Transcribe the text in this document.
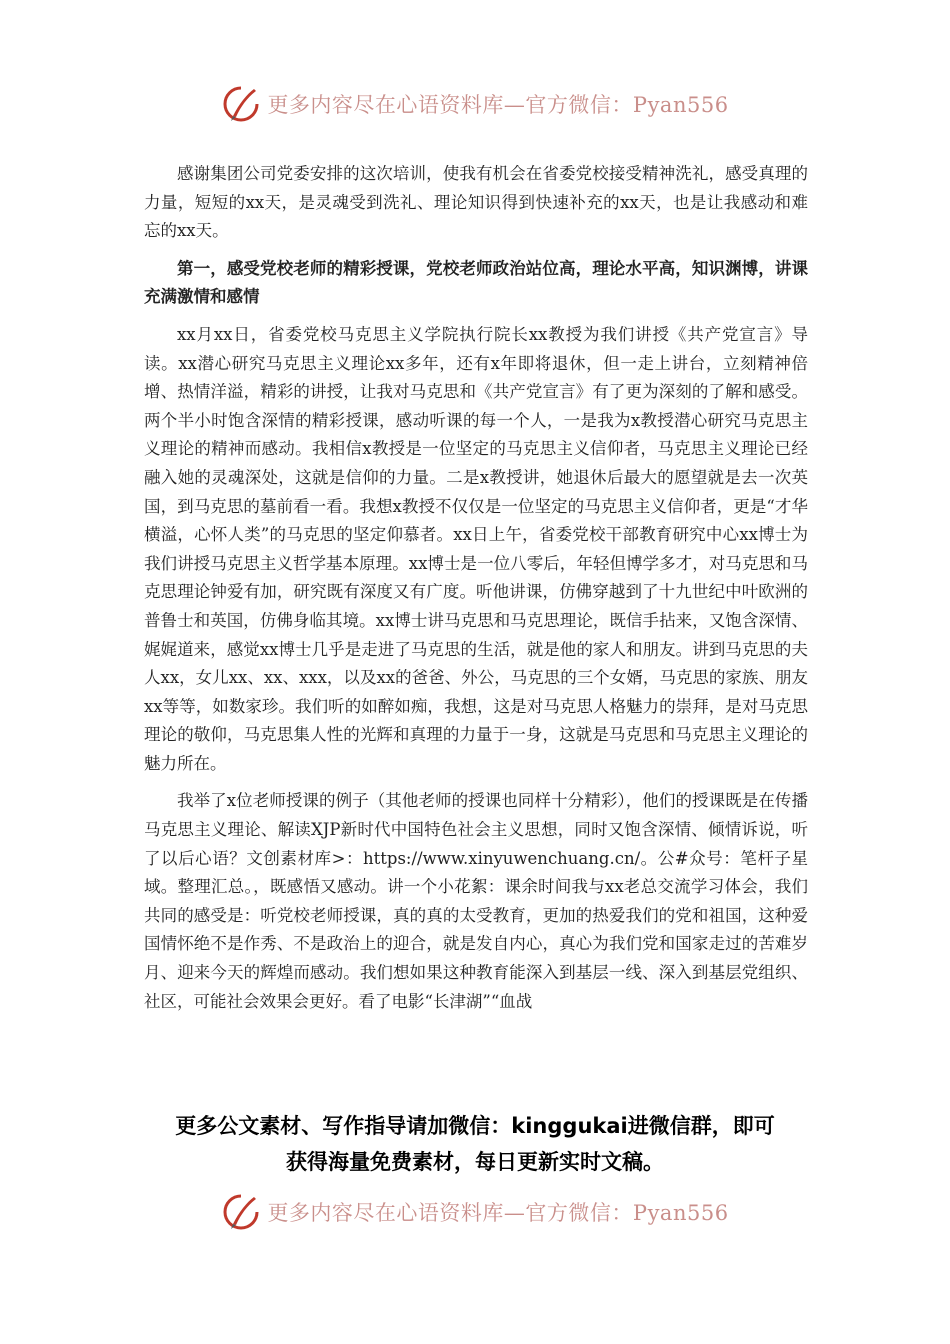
更多内容尽在心语资料库—官方微信：Pyan556

感谢集团公司党委安排的这次培训，使我有机会在省委党校接受精神洗礼，感受真理的力量，短短的xx天，是灵魂受到洗礼、理论知识得到快速补充的xx天，也是让我感动和难忘的xx天。

第一，感受党校老师的精彩授课，党校老师政治站位高，理论水平高，知识渊博，讲课充满激情和感情

xx月xx日，省委党校马克思主义学院执行院长xx教授为我们讲授《共产党宣言》导读。xx潜心研究马克思主义理论xx多年，还有x年即将退休，但一走上讲台，立刻精神倍增、热情洋溢，精彩的讲授，让我对马克思和《共产党宣言》有了更为深刻的了解和感受。两个半小时饱含深情的精彩授课，感动听课的每一个人，一是我为x教授潜心研究马克思主义理论的精神而感动。我相信x教授是一位坚定的马克思主义信仰者，马克思主义理论已经融入她的灵魂深处，这就是信仰的力量。二是x教授讲，她退休后最大的愿望就是去一次英国，到马克思的墓前看一看。我想x教授不仅仅是一位坚定的马克思主义信仰者，更是“才华横溢，心怀人类”的马克思的坚定仰慕者。xx日上午，省委党校干部教育研究中心xx博士为我们讲授马克思主义哲学基本原理。xx博士是一位八零后，年轻但博学多才，对马克思和马克思理论钟爱有加，研究既有深度又有广度。听他讲课，仿佛穿越到了十九世纪中叶欧洲的普鲁士和英国，仿佛身临其境。xx博士讲马克思和马克思理论，既信手拈来，又饱含深情、娓娓道来，感觉xx博士几乎是走进了马克思的生活，就是他的家人和朋友。讲到马克思的夫人xx，女儿xx、xx、xxx，以及xx的爸爸、外公，马克思的三个女婿，马克思的家族、朋友xx等等，如数家珍。我们听的如醉如痴，我想，这是对马克思人格魅力的崇拜，是对马克思理论的敬仰，马克思集人性的光辉和真理的力量于一身，这就是马克思和马克思主义理论的魅力所在。

我举了x位老师授课的例子（其他老师的授课也同样十分精彩），他们的授课既是在传播马克思主义理论、解读XJP新时代中国特色社会主义思想，同时又饱含深情、倾情诉说，听了以后心语？文创素材库>：https://www.xinyuwenchuang.cn/。公#众号：笔杆子星域。整理汇总。，既感悟又感动。讲一个小花絮：课余时间我与xx老总交流学习体会，我们共同的感受是：听党校老师授课，真的真的太受教育，更加的热爱我们的党和祖国，这种爱国情怀绝不是作秀、不是政治上的迎合，就是发自内心，真心为我们党和国家走过的苦难岁月、迎来今天的辉煌而感动。我们想如果这种教育能深入到基层一线、深入到基层党组织、社区，可能社会效果会更好。看了电影“长津湖”“血战

更多公文素材、写作指导请加微信：kinggukai进微信群，即可
获得海量免费素材，每日更新实时文稿。
更多内容尽在心语资料库—官方微信：Pyan556
